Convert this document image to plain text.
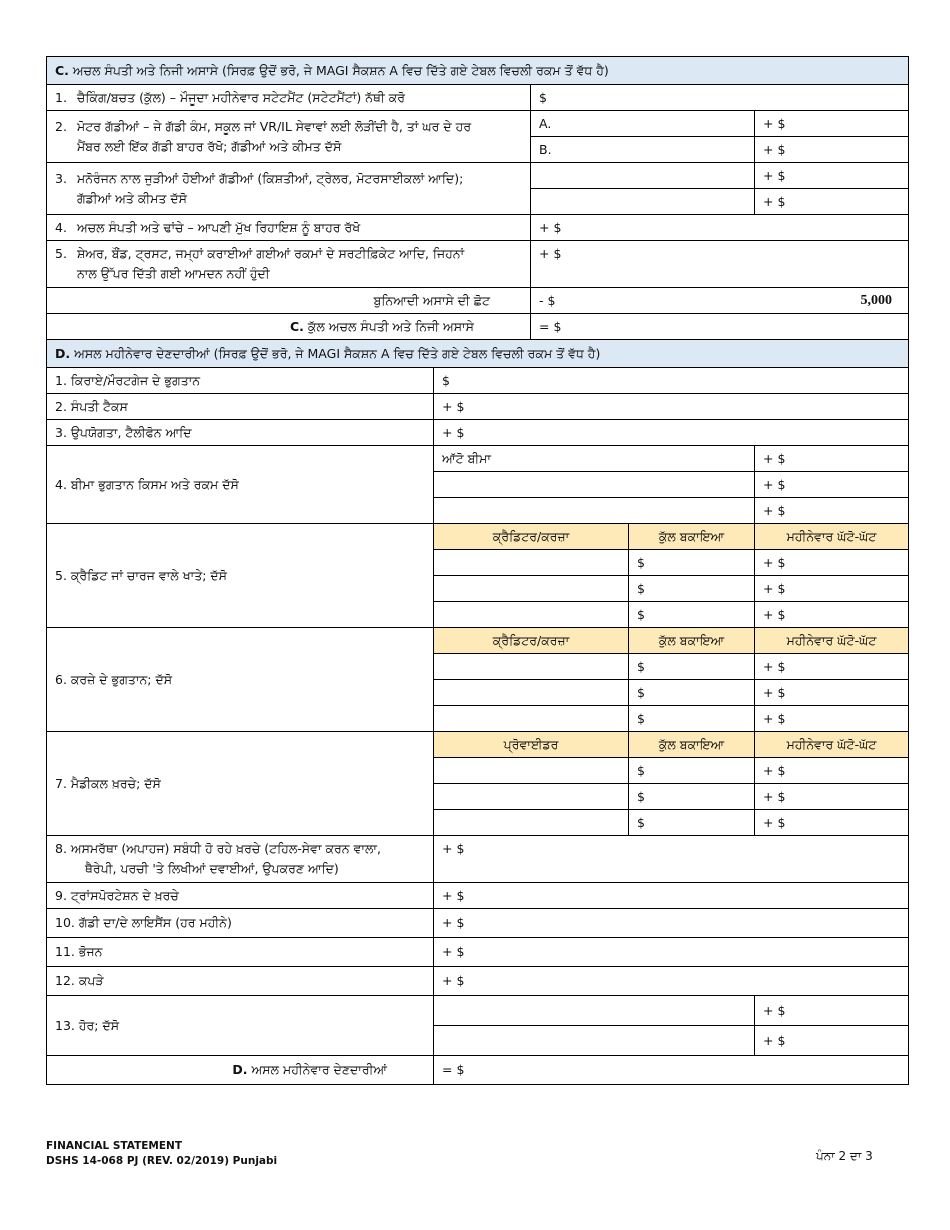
C. ਅਚਲ ਸੰਪਤੀ ਅਤੇ ਨਿਜੀ ਅਸਾਸੇ (ਸਿਰਫ਼ ਉਦੋਂ ਭਰੋ, ਜੇ MAGI ਸੈਕਸ਼ਨ A ਵਿਚ ਦਿੱਤੇ ਗਏ ਟੇਬਲ ਵਿਚਲੀ ਰਕਮ ਤੋਂ ਵੱਧ ਹੈ)		
1. ਚੈਕਿੰਗ/ਬਚਤ (ਕੁੱਲ) – ਮੌਜੂਦਾ ਮਹੀਨੇਵਾਰ ਸਟੇਟਮੈਂਟ (ਸਟੇਟਮੈਂਟਾਂ) ਨੱਥੀ ਕਰੋ	$	
2. ਮੋਟਰ ਗੱਡੀਆਂ – ਜੇ ਗੱਡੀ ਕੰਮ, ਸਕੂਲ ਜਾਂ VR/IL ਸੇਵਾਵਾਂ ਲਈ ਲੋੜੀਂਦੀ ਹੈ, ਤਾਂ ਘਰ ਦੇ ਹਰ
ਮੈਂਬਰ ਲਈ ਇੱਕ ਗੱਡੀ ਬਾਹਰ ਰੱਖੋ; ਗੱਡੀਆਂ ਅਤੇ ਕੀਮਤ ਦੱਸੋ	A.	+ $
	B.	+ $
3. ਮਨੋਰੰਜਨ ਨਾਲ ਜੁੜੀਆਂ ਹੋਈਆਂ ਗੱਡੀਆਂ (ਕਿਸ਼ਤੀਆਂ, ਟ੍ਰੇਲਰ, ਮੋਟਰਸਾਈਕਲਾਂ ਆਦਿ);
ਗੱਡੀਆਂ ਅਤੇ ਕੀਮਤ ਦੱਸੋ		+ $
		+ $
4. ਅਚਲ ਸੰਪਤੀ ਅਤੇ ਢਾਂਚੇ – ਆਪਣੀ ਮੁੱਖ ਰਿਹਾਇਸ਼ ਨੂੰ ਬਾਹਰ ਰੱਖੋ	+ $	
5. ਸ਼ੇਅਰ, ਬੌਂਡ, ਟ੍ਰਸਟ, ਜਮ੍ਹਾਂ ਕਰਾਈਆਂ ਗਈਆਂ ਰਕਮਾਂ ਦੇ ਸਰਟੀਫ਼ਿਕੇਟ ਆਦਿ, ਜਿਹਨਾਂ
ਨਾਲ ਉੱਪਰ ਦਿੱਤੀ ਗਈ ਆਮਦਨ ਨਹੀਂ ਹੁੰਦੀ	+ $	
ਬੁਨਿਆਦੀ ਅਸਾਸੇ ਦੀ ਛੋਟ	- $ 5,000	

C. ਕੁੱਲ ਅਚਲ ਸੰਪਤੀ ਅਤੇ ਨਿਜੀ ਅਸਾਸੇ	= $	
D. ਅਸਲ ਮਹੀਨੇਵਾਰ ਦੇਣਦਾਰੀਆਂ (ਸਿਰਫ਼ ਉਦੋਂ ਭਰੋ, ਜੇ MAGI ਸੈਕਸ਼ਨ A ਵਿਚ ਦਿੱਤੇ ਗਏ ਟੇਬਲ ਵਿਚਲੀ ਰਕਮ ਤੋਂ ਵੱਧ ਹੈ)			
1. ਕਿਰਾਏ/ਮੌਰਟਗੇਜ ਦੇ ਭੁਗਤਾਨ	$		
2. ਸੰਪਤੀ ਟੈਕਸ	+ $		
3. ਉਪਯੋਗਤਾ, ਟੈਲੀਫੋਨ ਆਦਿ	+ $		
4. ਬੀਮਾ ਭੁਗਤਾਨ ਕਿਸਮ ਅਤੇ ਰਕਮ ਦੱਸੋ	ਆੱਟੋ ਬੀਮਾ		+ $
			+ $
			+ $
5. ਕ੍ਰੈਡਿਟ ਜਾਂ ਚਾਰਜ ਵਾਲੇ ਖਾਤੇ; ਦੱਸੋ	ਕ੍ਰੈਡਿਟਰ/ਕਰਜ਼ਾ	ਕੁੱਲ ਬਕਾਇਆ	ਮਹੀਨੇਵਾਰ ਘੱਟੋ-ਘੱਟ
		$	+ $
		$	+ $
		$	+ $
6. ਕਰਜ਼ੇ ਦੇ ਭੁਗਤਾਨ; ਦੱਸੋ	ਕ੍ਰੈਡਿਟਰ/ਕਰਜ਼ਾ	ਕੁੱਲ ਬਕਾਇਆ	ਮਹੀਨੇਵਾਰ ਘੱਟੋ-ਘੱਟ
		$	+ $
		$	+ $
		$	+ $
7. ਮੈਡੀਕਲ ਖ਼ਰਚੇ; ਦੱਸੋ	ਪ੍ਰੋਵਾਈਡਰ	ਕੁੱਲ ਬਕਾਇਆ	ਮਹੀਨੇਵਾਰ ਘੱਟੋ-ਘੱਟ
		$	+ $
		$	+ $
		$	+ $
8. ਅਸਮਰੱਥਾ (ਅਪਾਹਜ) ਸਬੰਧੀ ਹੋ ਰਹੇ ਖ਼ਰਚੇ (ਟਹਿਲ-ਸੇਵਾ ਕਰਨ ਵਾਲਾ,
ਥੈਰੇਪੀ, ਪਰਚੀ 'ਤੇ ਲਿਖੀਆਂ ਦਵਾਈਆਂ, ਉਪਕਰਣ ਆਦਿ)	+ $		
9. ਟ੍ਰਾਂਸਪੋਰਟੇਸ਼ਨ ਦੇ ਖ਼ਰਚੇ	+ $		
10. ਗੱਡੀ ਦਾ/ਦੇ ਲਾਇਸੈਂਸ (ਹਰ ਮਹੀਨੇ)	+ $		
11. ਭੋਜਨ	+ $		
12. ਕਪੜੇ	+ $		
13. ਹੋਰ; ਦੱਸੋ			+ $
			+ $
D. ਅਸਲ ਮਹੀਨੇਵਾਰ ਦੇਣਦਾਰੀਆਂ	= $		
FINANCIAL STATEMENT
DSHS 14-068 PJ (REV. 02/2019) Punjabi	ਪੰਨਾ 2 ਦਾ 3
